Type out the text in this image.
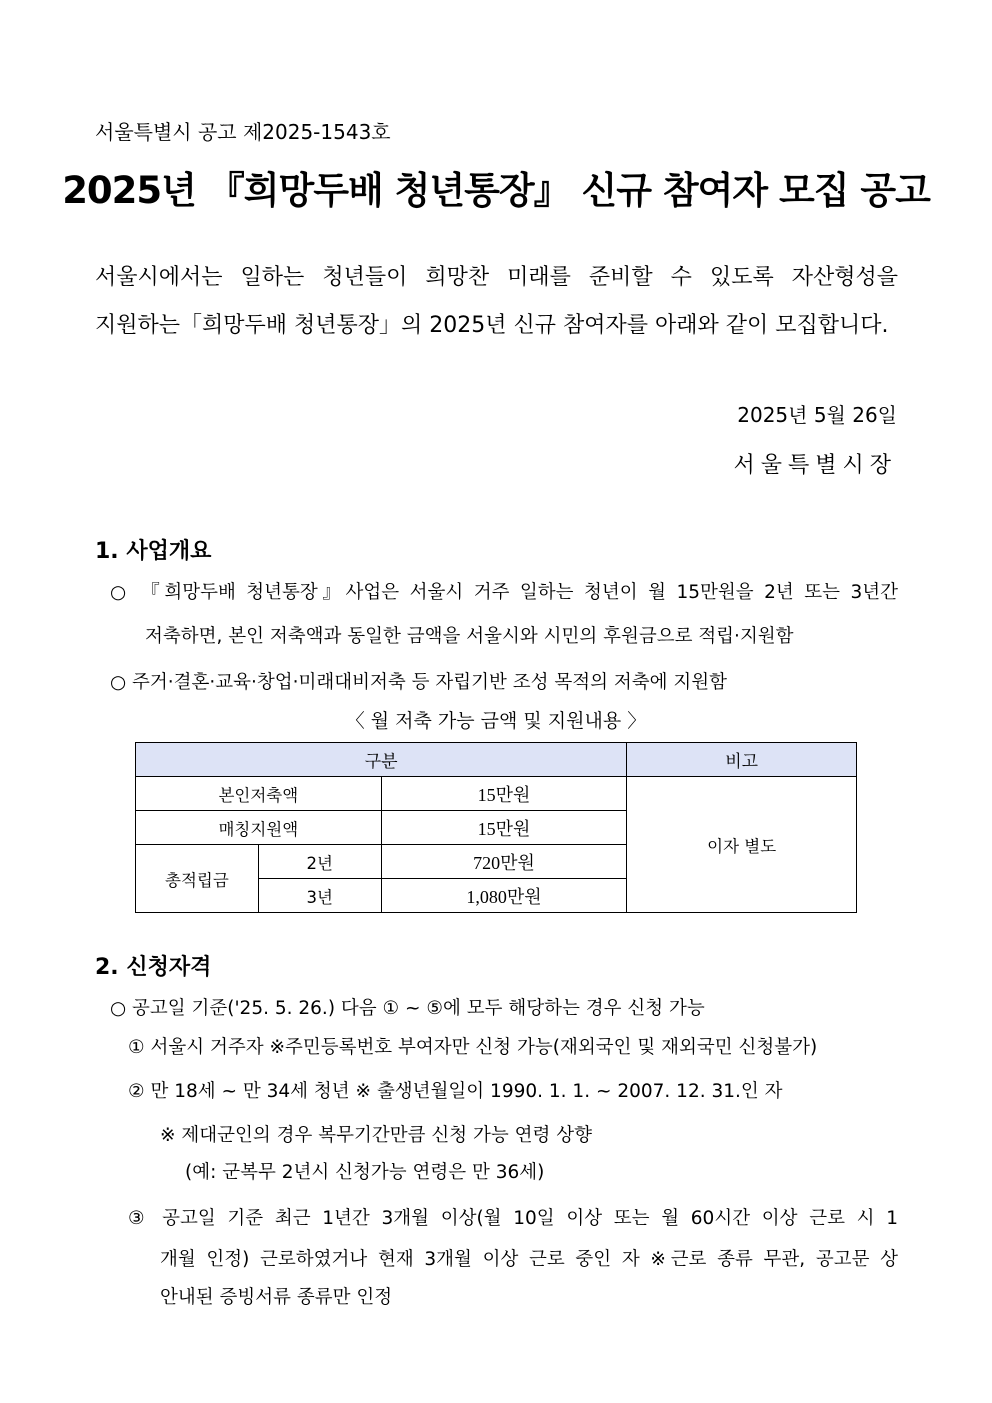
서울특별시 공고 제2025-1543호
2025년 『희망두배 청년통장』 신규 참여자 모집 공고
서울시에서는 일하는 청년들이 희망찬 미래를 준비할 수 있도록 자산형성을
지원하는「희망두배 청년통장」의 2025년 신규 참여자를 아래와 같이 모집합니다.
2025년 5월 26일
서울특별시장
1. 사업개요
○ 『희망두배 청년통장』사업은 서울시 거주 일하는 청년이 월 15만원을 2년 또는 3년간
저축하면, 본인 저축액과 동일한 금액을 서울시와 시민의 후원금으로 적립·지원함
○ 주거·결혼·교육·창업·미래대비저축 등 자립기반 조성 목적의 저축에 지원함
〈 월 저축 가능 금액 및 지원내용 〉
구분			비고
본인저축액		15만원	이자 별도
매칭지원액		15만원	
총적립금	2년	720만원	
	3년	1,080만원	
2. 신청자격
○ 공고일 기준('25. 5. 26.) 다음 ① ~ ⑤에 모두 해당하는 경우 신청 가능
① 서울시 거주자 ※주민등록번호 부여자만 신청 가능(재외국인 및 재외국민 신청불가)
② 만 18세 ~ 만 34세 청년 ※ 출생년월일이 1990. 1. 1. ~ 2007. 12. 31.인 자
※ 제대군인의 경우 복무기간만큼 신청 가능 연령 상향
(예: 군복무 2년시 신청가능 연령은 만 36세)
③ 공고일 기준 최근 1년간 3개월 이상(월 10일 이상 또는 월 60시간 이상 근로 시 1
개월 인정) 근로하였거나 현재 3개월 이상 근로 중인 자 ※근로 종류 무관, 공고문 상
안내된 증빙서류 종류만 인정
